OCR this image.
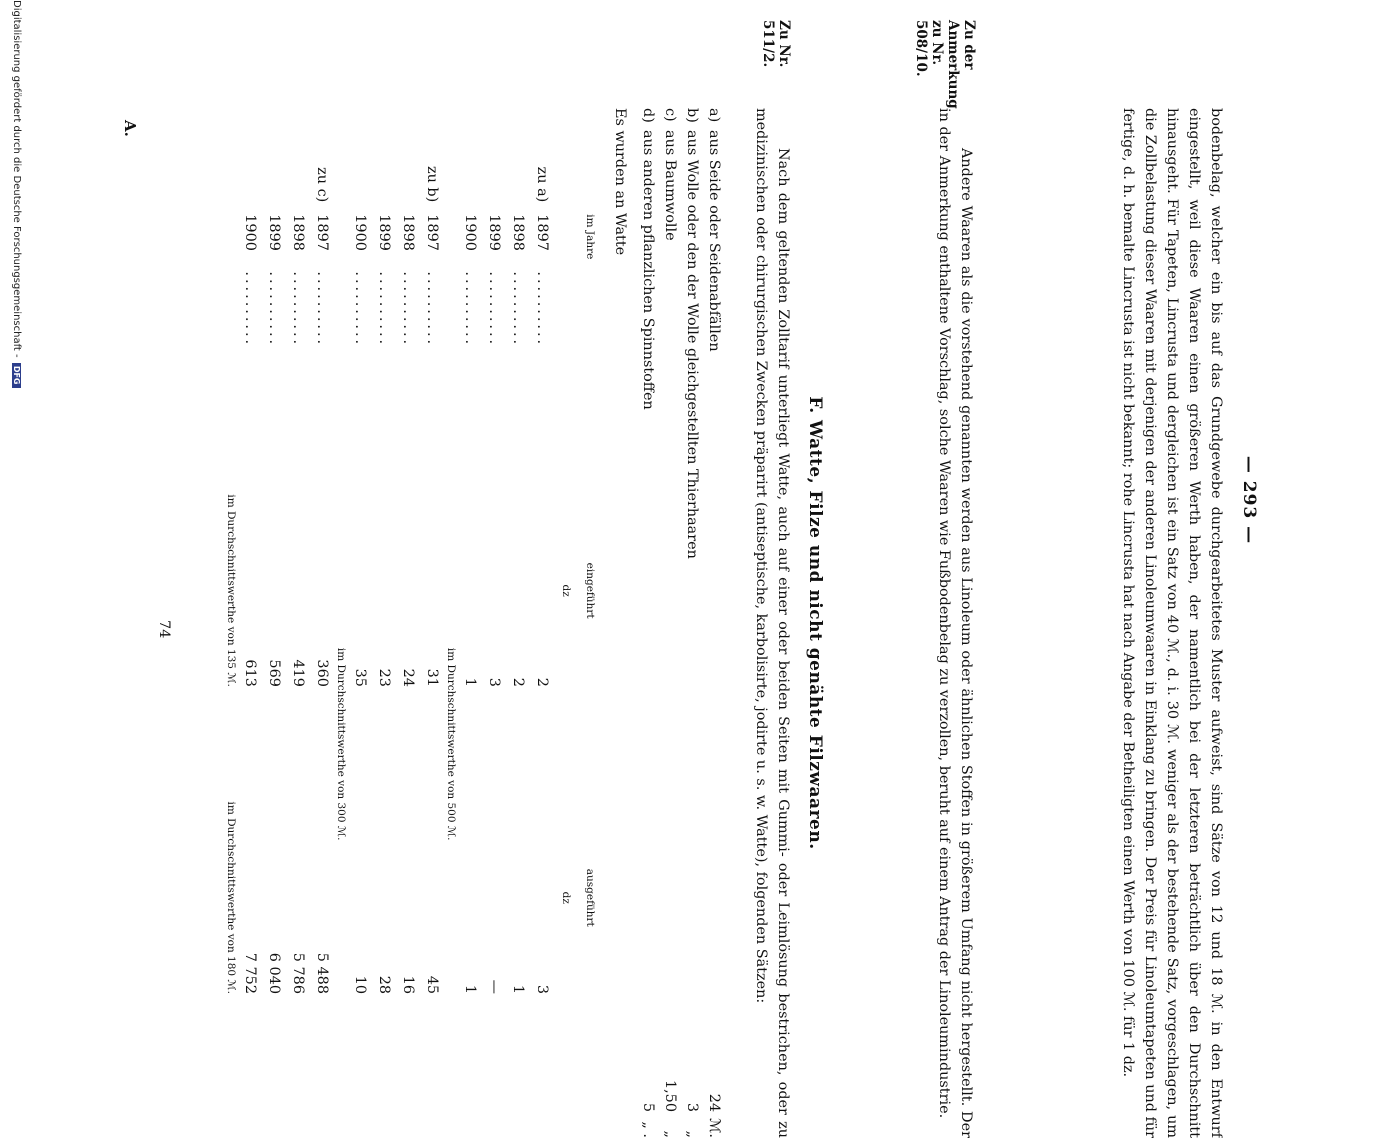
— 293 —

bodenbelag, welcher ein bis auf das Grundgewebe durchgearbeitetes Muster aufweist, sind Sätze von 12 und 18 ℳ. in den Entwurf eingestellt, weil diese Waaren einen größeren Werth haben, der namentlich bei der letzteren beträchtlich über den Durchschnitt hinausgeht. Für Tapeten, Lincrusta und dergleichen ist ein Satz von 40 ℳ., d. i. 30 ℳ. weniger als der bestehende Satz, vorgeschlagen, um die Zollbelastung dieser Waaren mit derjenigen der anderen Linoleumwaaren in Einklang zu bringen. Der Preis für Linoleumtapeten und für fertige, d. h. bemalte Lincrusta ist nicht bekannt; rohe Lincrusta hat nach Angabe der Betheiligten einen Werth von 100 ℳ. für 1 dz.

Zu der Anmerkung zu Nr. 508/10.

Andere Waaren als die vorstehend genannten werden aus Linoleum oder ähnlichen Stoffen in größerem Umfang nicht hergestellt. Der in der Anmerkung enthaltene Vorschlag, solche Waaren wie Fußbodenbelag zu verzollen, beruht auf einem Antrag der Linoleumindustrie.

F. Watte, Filze und nicht genähte Filzwaaren.
Zu Nr. 511/2.

Nach dem geltenden Zolltarif unterliegt Watte, auch auf einer oder beiden Seiten mit Gummi- oder Leimlösung bestrichen, oder zu medizinischen oder chirurgischen Zwecken präparirt (antiseptische, karbolisirte, jodirte u. s. w. Watte), folgenden Sätzen:

a)
aus Seide oder Seidenabfällen
24
ℳ.
b)
aus Wolle oder den der Wolle gleichgestellten Thierhaaren
3
„
c)
aus Baumwolle
1,50
„
d)
aus anderen pflanzlichen Spinnstoffen
5
„ .
Es wurden an Watte
	im Jahre		eingeführt
dz		ausgeführt
dz
zu a)	1897	..........	2		3
	1898	..........	2		1
	1899	..........	3		—
	1900	..........	1		1
			im Durchschnittswerthe von 500 ℳ.		
zu b)	1897	..........	31		45
	1898	..........	24		16
	1899	..........	23		28
	1900	..........	35		10
			im Durchschnittswerthe von 300 ℳ.		
zu c)	1897	..........	360		5 488
	1898	..........	419		5 786
	1899	..........	569		6 040
	1900	..........	613		7 752
			im Durchschnittswerthe von 135 ℳ.		im Durchschnittswerthe von 180 ℳ.
74
A.
Digitalisierung gefördert durch die Deutsche Forschungsgemeinschaft - DFG
